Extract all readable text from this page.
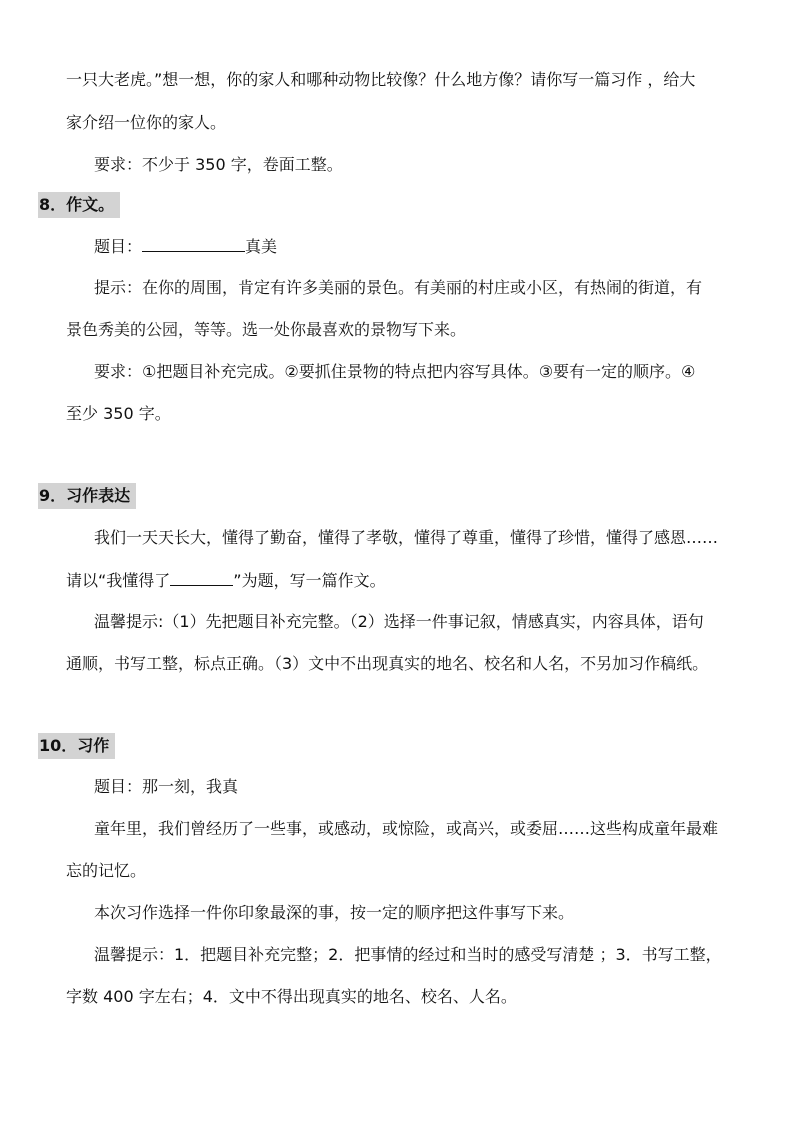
一只大老虎。”想一想，你的家人和哪种动物比较像？什么地方像？请你写一篇习作 ，给大
家介绍一位你的家人。
要求：不少于 350 字，卷面工整。
8．作文。
题目：	真美
提示：在你的周围，肯定有许多美丽的景色。有美丽的村庄或小区，有热闹的街道，有
景色秀美的公园，等等。选一处你最喜欢的景物写下来。
要求：①把题目补充完成。②要抓住景物的特点把内容写具体。③要有一定的顺序。④
至少 350 字。
9．习作表达
我们一天天长大，懂得了勤奋，懂得了孝敬，懂得了尊重，懂得了珍惜，懂得了感恩……
请以“我懂得了	”为题，写一篇作文。
温馨提示:（1）先把题目补充完整。（2）选择一件事记叙，情感真实，内容具体，语句
通顺，书写工整，标点正确。（3）文中不出现真实的地名、校名和人名，不另加习作稿纸。
10．习作
题目：那一刻，我真
童年里，我们曾经历了一些事，或感动，或惊险，或高兴，或委屈……这些构成童年最难
忘的记忆。
本次习作选择一件你印象最深的事，按一定的顺序把这件事写下来。
温馨提示：1．把题目补充完整；2．把事情的经过和当时的感受写清楚 ；3．书写工整，
字数 400 字左右；4．文中不得出现真实的地名、校名、人名。
